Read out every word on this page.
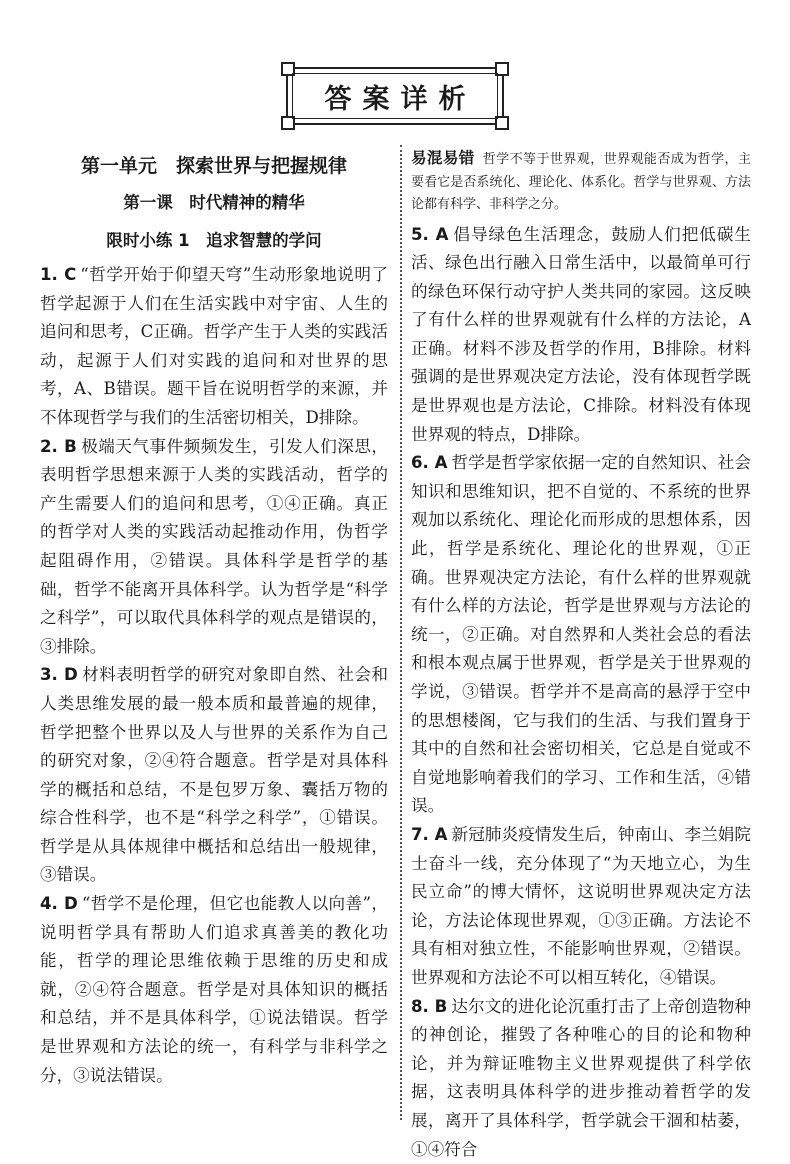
答案详析
第一单元　探索世界与把握规律
第一课　时代精神的精华
限时小练 1　追求智慧的学问

1. C “哲学开始于仰望天穹”生动形象地说明了哲学起源于人们在生活实践中对宇宙、人生的追问和思考，C正确。哲学产生于人类的实践活动，起源于人们对实践的追问和对世界的思考，A、B错误。题干旨在说明哲学的来源，并不体现哲学与我们的生活密切相关，D排除。

2. B 极端天气事件频频发生，引发人们深思，表明哲学思想来源于人类的实践活动，哲学的产生需要人们的追问和思考，①④正确。真正的哲学对人类的实践活动起推动作用，伪哲学起阻碍作用，②错误。具体科学是哲学的基础，哲学不能离开具体科学。认为哲学是“科学之科学”，可以取代具体科学的观点是错误的，③排除。

3. D 材料表明哲学的研究对象即自然、社会和人类思维发展的最一般本质和最普遍的规律，哲学把整个世界以及人与世界的关系作为自己的研究对象，②④符合题意。哲学是对具体科学的概括和总结，不是包罗万象、囊括万物的综合性科学，也不是“科学之科学”，①错误。哲学是从具体规律中概括和总结出一般规律，③错误。

4. D “哲学不是伦理，但它也能教人以向善”，说明哲学具有帮助人们追求真善美的教化功能，哲学的理论思维依赖于思维的历史和成就，②④符合题意。哲学是对具体知识的概括和总结，并不是具体科学，①说法错误。哲学是世界观和方法论的统一，有科学与非科学之分，③说法错误。

易混易错 哲学不等于世界观，世界观能否成为哲学，主要看它是否系统化、理论化、体系化。哲学与世界观、方法论都有科学、非科学之分。

5. A 倡导绿色生活理念，鼓励人们把低碳生活、绿色出行融入日常生活中，以最简单可行的绿色环保行动守护人类共同的家园。这反映了有什么样的世界观就有什么样的方法论，A正确。材料不涉及哲学的作用，B排除。材料强调的是世界观决定方法论，没有体现哲学既是世界观也是方法论，C排除。材料没有体现世界观的特点，D排除。

6. A 哲学是哲学家依据一定的自然知识、社会知识和思维知识，把不自觉的、不系统的世界观加以系统化、理论化而形成的思想体系，因此，哲学是系统化、理论化的世界观，①正确。世界观决定方法论，有什么样的世界观就有什么样的方法论，哲学是世界观与方法论的统一，②正确。对自然界和人类社会总的看法和根本观点属于世界观，哲学是关于世界观的学说，③错误。哲学并不是高高的悬浮于空中的思想楼阁，它与我们的生活、与我们置身于其中的自然和社会密切相关，它总是自觉或不自觉地影响着我们的学习、工作和生活，④错误。

7. A 新冠肺炎疫情发生后，钟南山、李兰娟院士奋斗一线，充分体现了“为天地立心，为生民立命”的博大情怀，这说明世界观决定方法论，方法论体现世界观，①③正确。方法论不具有相对独立性，不能影响世界观，②错误。世界观和方法论不可以相互转化，④错误。

8. B 达尔文的进化论沉重打击了上帝创造物种的神创论，摧毁了各种唯心的目的论和物种论，并为辩证唯物主义世界观提供了科学依据，这表明具体科学的进步推动着哲学的发展，离开了具体科学，哲学就会干涸和枯萎，①④符合
